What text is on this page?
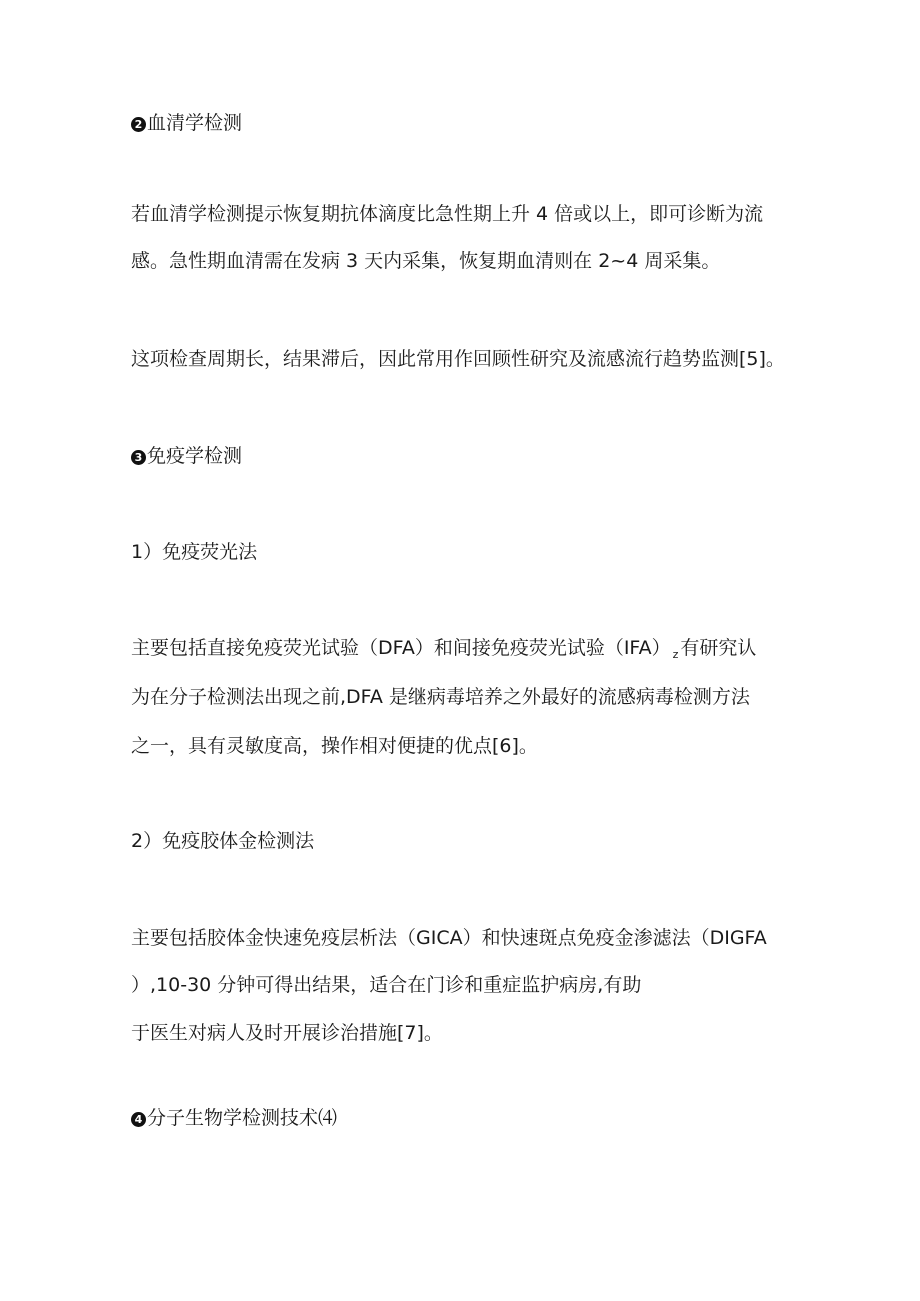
2 血清学检测

若血清学检测提示恢复期抗体滴度比急性期上升 4 倍或以上，即可诊断为流

感。急性期血清需在发病 3 天内采集，恢复期血清则在 2~4 周采集。

这项检查周期长，结果滞后，因此常用作回顾性研究及流感流行趋势监测[5]。

3 免疫学检测

1）免疫荧光法

主要包括直接免疫荧光试验（DFA）和间接免疫荧光试验（IFA） $_z$ 有研究认

为在分子检测法出现之前,DFA 是继病毒培养之外最好的流感病毒检测方法

之一，具有灵敏度高，操作相对便捷的优点[6]。

2）免疫胶体金检测法

主要包括胶体金快速免疫层析法（GICA）和快速斑点免疫金渗滤法（DIGFA

）,10-30 分钟可得出结果，适合在门诊和重症监护病房,有助

于医生对病人及时开展诊治措施[7]。

4 分子生物学检测技术⑷
